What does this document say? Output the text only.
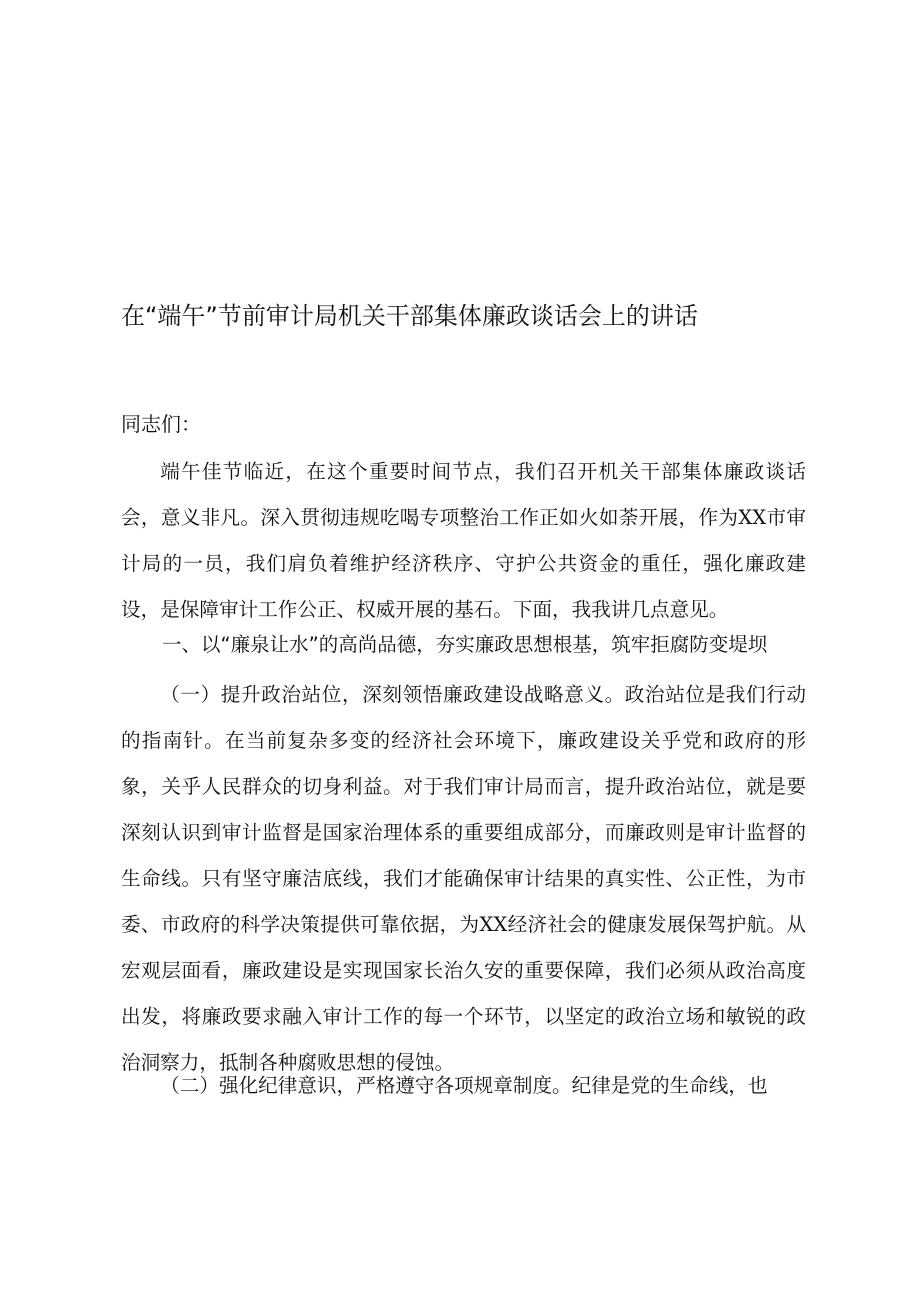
在“端午”节前审计局机关干部集体廉政谈话会上的讲话
同志们：

端午佳节临近，在这个重要时间节点，我们召开机关干部集体廉政谈话会，意义非凡。深入贯彻违规吃喝专项整治工作正如火如荼开展，作为XX市审计局的一员，我们肩负着维护经济秩序、守护公共资金的重任，强化廉政建设，是保障审计工作公正、权威开展的基石。下面，我我讲几点意见。

一、以“廉泉让水”的高尚品德，夯实廉政思想根基，筑牢拒腐防变堤坝

（一）提升政治站位，深刻领悟廉政建设战略意义。政治站位是我们行动的指南针。在当前复杂多变的经济社会环境下，廉政建设关乎党和政府的形象，关乎人民群众的切身利益。对于我们审计局而言，提升政治站位，就是要深刻认识到审计监督是国家治理体系的重要组成部分，而廉政则是审计监督的生命线。只有坚守廉洁底线，我们才能确保审计结果的真实性、公正性，为市委、市政府的科学决策提供可靠依据，为XX经济社会的健康发展保驾护航。从宏观层面看，廉政建设是实现国家长治久安的重要保障，我们必须从政治高度出发，将廉政要求融入审计工作的每一个环节，以坚定的政治立场和敏锐的政治洞察力，抵制各种腐败思想的侵蚀。

（二）强化纪律意识，严格遵守各项规章制度。纪律是党的生命线，也
